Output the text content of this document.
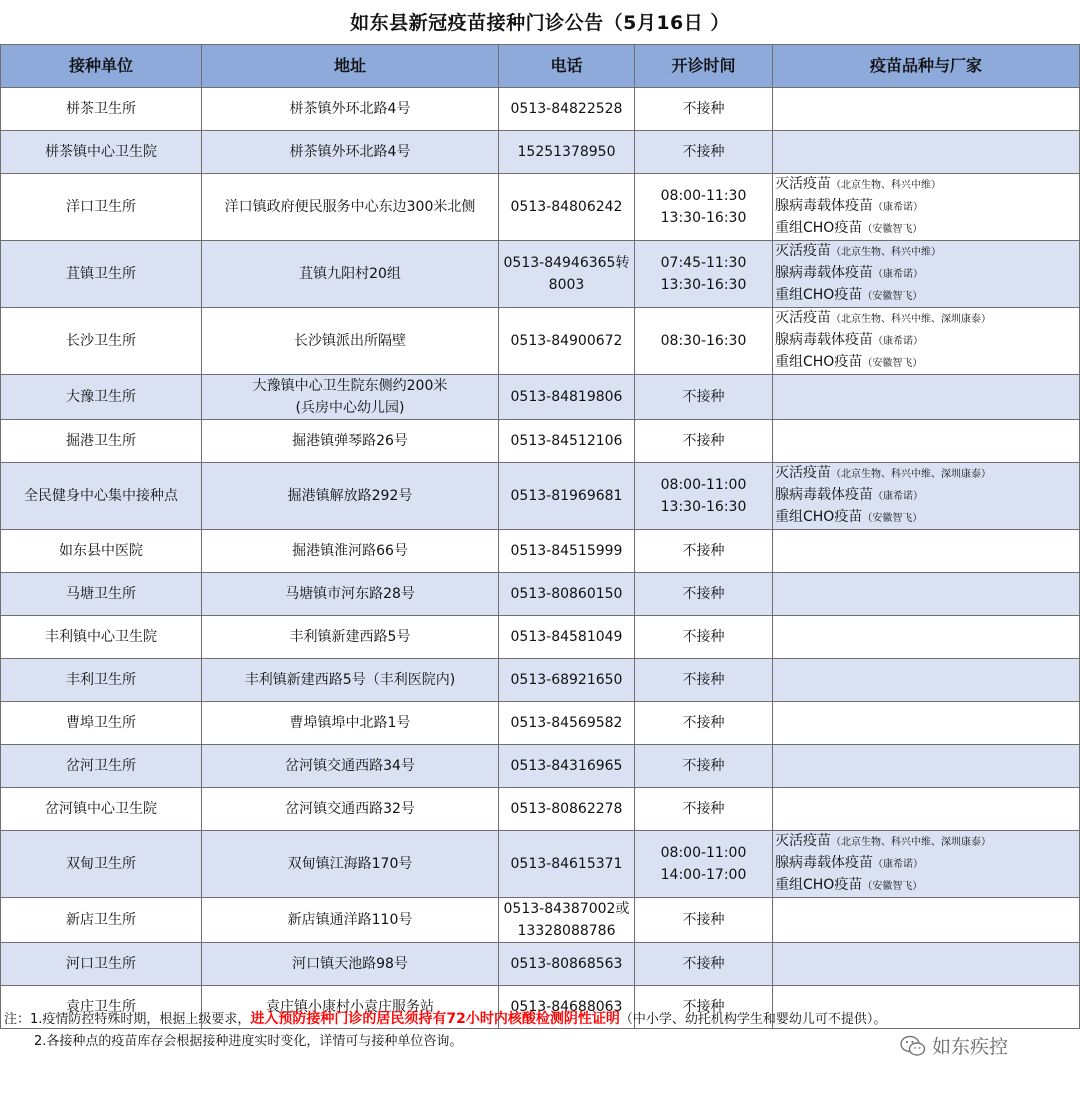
如东县新冠疫苗接种门诊公告（5月16日 ）
接种单位	地址	电话	开诊时间	疫苗品种与厂家
栟茶卫生所	栟茶镇外环北路4号	0513-84822528	不接种	

栟茶镇中心卫生院	栟茶镇外环北路4号	15251378950	不接种	

洋口卫生所	洋口镇政府便民服务中心东边300米北侧	0513-84806242	08:00-11:30
13:30-16:30	灭活疫苗（北京生物、科兴中维）
腺病毒载体疫苗（康希诺）
重组CHO疫苗（安徽智飞）

苴镇卫生所	苴镇九阳村20组	0513-84946365转
8003	07:45-11:30
13:30-16:30	灭活疫苗（北京生物、科兴中维）
腺病毒载体疫苗（康希诺）
重组CHO疫苗（安徽智飞）

长沙卫生所	长沙镇派出所隔壁	0513-84900672	08:30-16:30	灭活疫苗（北京生物、科兴中维、深圳康泰）
腺病毒载体疫苗（康希诺）
重组CHO疫苗（安徽智飞）

大豫卫生所	大豫镇中心卫生院东侧约200米
(兵房中心幼儿园)	0513-84819806	不接种	

掘港卫生所	掘港镇弹琴路26号	0513-84512106	不接种	

全民健身中心集中接种点	掘港镇解放路292号	0513-81969681	08:00-11:00
13:30-16:30	灭活疫苗（北京生物、科兴中维、深圳康泰）
腺病毒载体疫苗（康希诺）
重组CHO疫苗（安徽智飞）

如东县中医院	掘港镇淮河路66号	0513-84515999	不接种	

马塘卫生所	马塘镇市河东路28号	0513-80860150	不接种	

丰利镇中心卫生院	丰利镇新建西路5号	0513-84581049	不接种	

丰利卫生所	丰利镇新建西路5号（丰利医院内)	0513-68921650	不接种	

曹埠卫生所	曹埠镇埠中北路1号	0513-84569582	不接种	

岔河卫生所	岔河镇交通西路34号	0513-84316965	不接种	

岔河镇中心卫生院	岔河镇交通西路32号	0513-80862278	不接种	

双甸卫生所	双甸镇江海路170号	0513-84615371	08:00-11:00
14:00-17:00	灭活疫苗（北京生物、科兴中维、深圳康泰）
腺病毒载体疫苗（康希诺）
重组CHO疫苗（安徽智飞）

新店卫生所	新店镇通洋路110号	0513-84387002或
13328088786	不接种	

河口卫生所	河口镇天池路98号	0513-80868563	不接种	

袁庄卫生所	袁庄镇小康村小袁庄服务站	0513-84688063	不接种	

注：1.疫情防控特殊时期，根据上级要求，进入预防接种门诊的居民须持有72小时内核酸检测阴性证明（中小学、幼托机构学生和婴幼儿可不提供）。
2.各接种点的疫苗库存会根据接种进度实时变化，详情可与接种单位咨询。	如东疾控
